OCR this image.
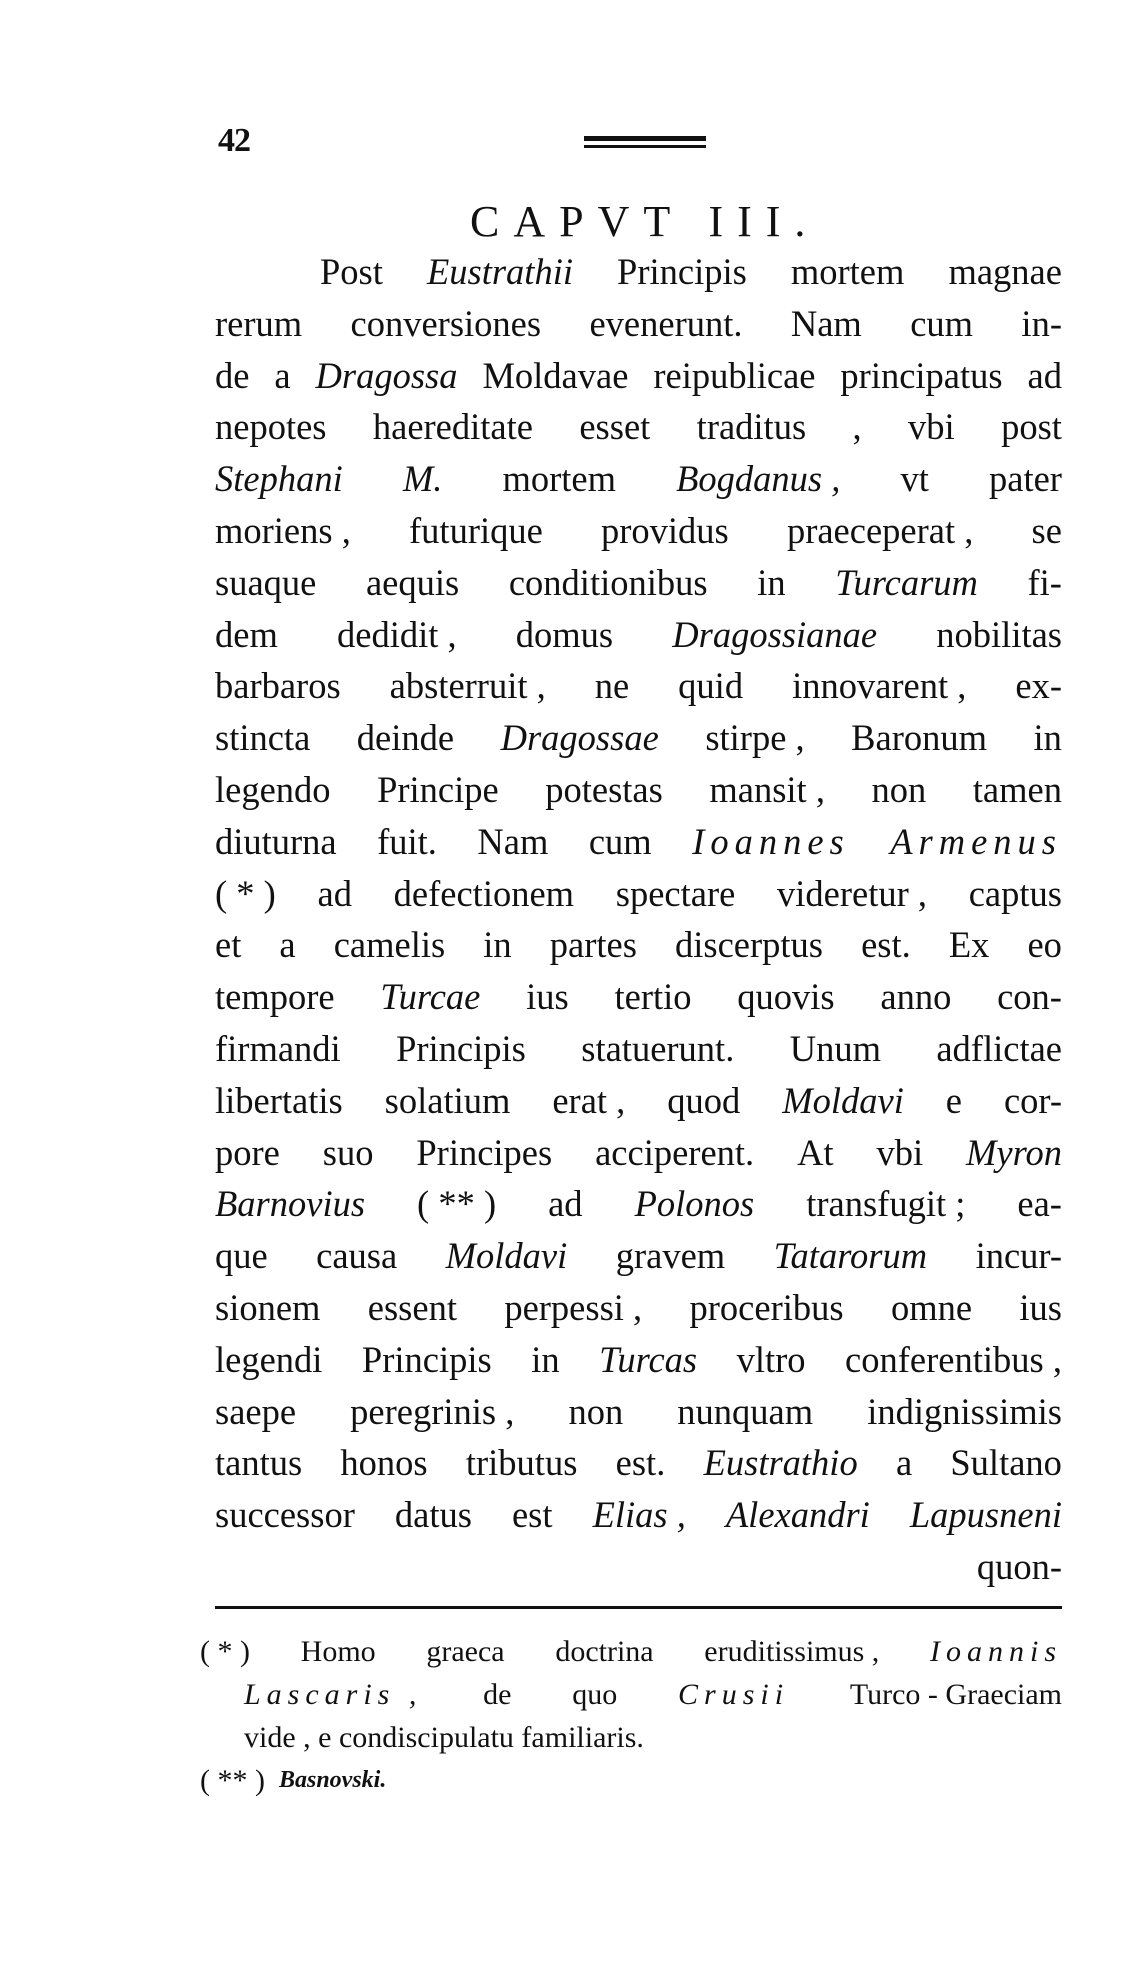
42
CAPVT III.
Post Eustrathii Principis mortem magnae
rerum conversiones evenerunt. Nam cum in-
de a Dragossa Moldavae reipublicae principatus ad
nepotes haereditate esset traditus , vbi post
Stephani M. mortem Bogdanus , vt pater
moriens , futurique providus praeceperat , se
suaque aequis conditionibus in Turcarum fi-
dem dedidit , domus Dragossianae nobilitas
barbaros absterruit , ne quid innovarent , ex-
stincta deinde Dragossae stirpe , Baronum in
legendo Principe potestas mansit , non tamen
diuturna fuit. Nam cum Ioannes Armenus
( * ) ad defectionem spectare videretur , captus
et a camelis in partes discerptus est. Ex eo
tempore Turcae ius tertio quovis anno con-
firmandi Principis statuerunt. Unum adflictae
libertatis solatium erat , quod Moldavi e cor-
pore suo Principes acciperent. At vbi Myron
Barnovius ( ** ) ad Polonos transfugit ; ea-
que causa Moldavi gravem Tatarorum incur-
sionem essent perpessi , proceribus omne ius
legendi Principis in Turcas vltro conferentibus ,
saepe peregrinis , non nunquam indignissimis
tantus honos tributus est. Eustrathio a Sultano
successor datus est Elias , Alexandri Lapusneni
quon-
( * ) Homo graeca doctrina eruditissimus , Ioannis
Lascaris , de quo Crusii Turco - Graeciam
vide , e condiscipulatu familiaris.
( ** ) Basnovski.
